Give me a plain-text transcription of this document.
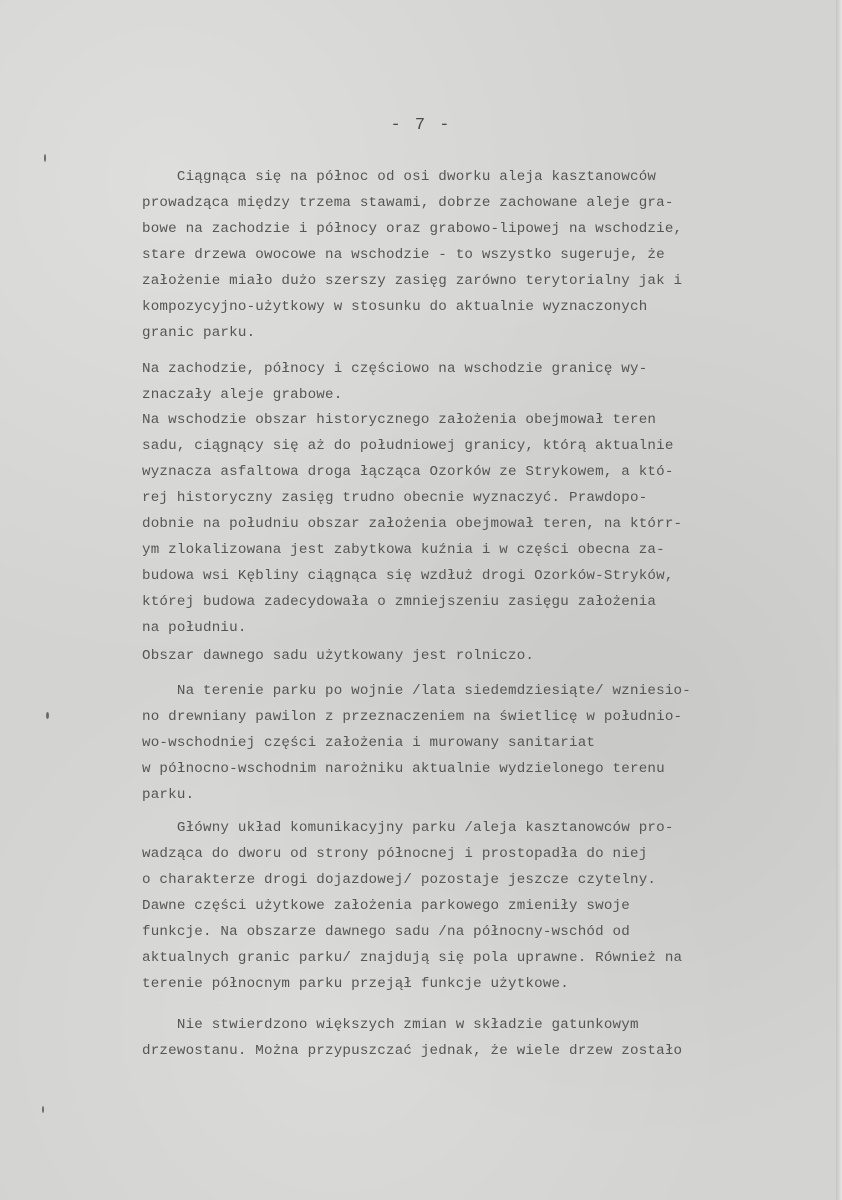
- 7 -
Ciągnąca się na północ od osi dworku aleja kasztanowców
prowadząca między trzema stawami, dobrze zachowane aleje gra-
bowe na zachodzie i północy oraz grabowo-lipowej na wschodzie,
stare drzewa owocowe na wschodzie - to wszystko sugeruje, że
założenie miało dużo szerszy zasięg zarówno terytorialny jak i
kompozycyjno-użytkowy w stosunku do aktualnie wyznaczonych
granic parku.
Na zachodzie, północy i częściowo na wschodzie granicę wy-
znaczały aleje grabowe.
Na wschodzie obszar historycznego założenia obejmował teren
sadu, ciągnący się aż do południowej granicy, którą aktualnie
wyznacza asfaltowa droga łącząca Ozorków ze Strykowem, a któ-
rej historyczny zasięg trudno obecnie wyznaczyć. Prawdopo-
dobnie na południu obszar założenia obejmował teren, na którr-
ym zlokalizowana jest zabytkowa kuźnia i w części obecna za-
budowa wsi Kębliny ciągnąca się wzdłuż drogi Ozorków-Stryków,
której budowa zadecydowała o zmniejszeniu zasięgu założenia
na południu.
Obszar dawnego sadu użytkowany jest rolniczo.
Na terenie parku po wojnie /lata siedemdziesiąte/ wzniesio-
no drewniany pawilon z przeznaczeniem na świetlicę w południo-
wo-wschodniej części założenia i murowany sanitariat
w północno-wschodnim narożniku aktualnie wydzielonego terenu
parku.
Główny układ komunikacyjny parku /aleja kasztanowców pro-
wadząca do dworu od strony północnej i prostopadła do niej
o charakterze drogi dojazdowej/ pozostaje jeszcze czytelny.
Dawne części użytkowe założenia parkowego zmieniły swoje
funkcje. Na obszarze dawnego sadu /na północny-wschód od
aktualnych granic parku/ znajdują się pola uprawne. Również na
terenie północnym parku przejął funkcje użytkowe.
Nie stwierdzono większych zmian w składzie gatunkowym
drzewostanu. Można przypuszczać jednak, że wiele drzew zostało
